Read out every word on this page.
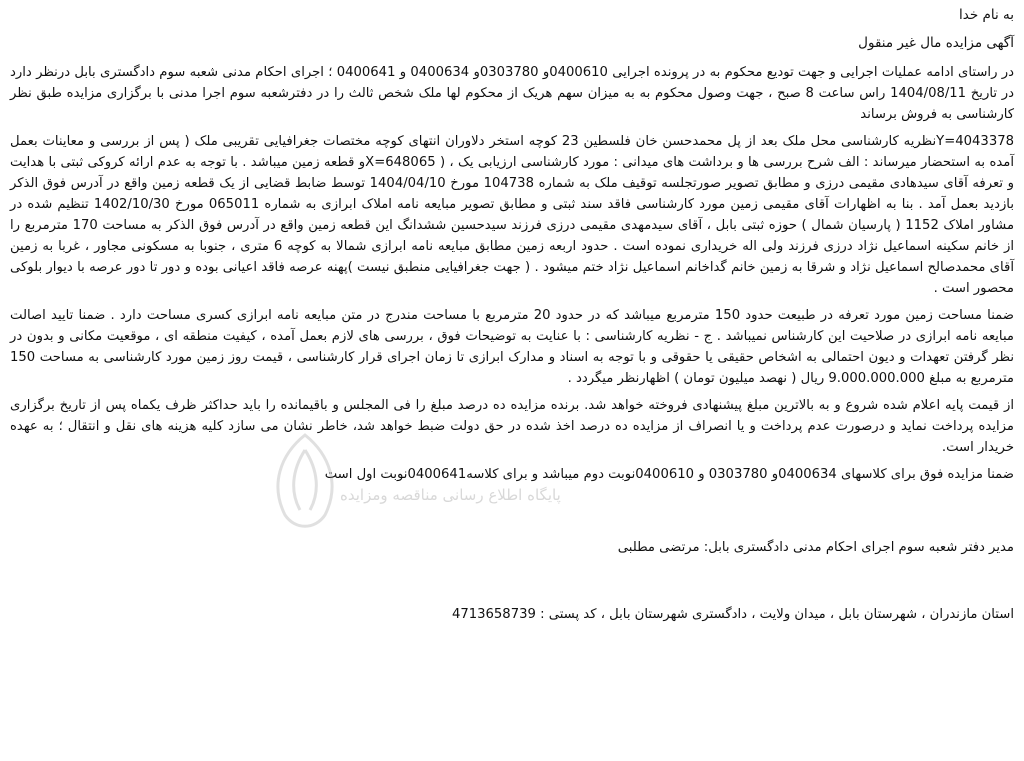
به نام خدا

آگهی مزایده مال غیر منقول

در راستای ادامه عملیات اجرایی و جهت تودیع محکوم به در پرونده اجرایی 0400610و 0303780و 0400634 و 0400641 ؛ اجرای احکام مدنی شعبه سوم دادگستری بابل درنظر دارد در تاریخ 1404/08/11 راس ساعت 8 صبح ، جهت وصول محکوم به به میزان سهم هریک از محکوم لها ملک شخص ثالث را در دفترشعبه سوم اجرا مدنی با برگزاری مزایده طبق نظر کارشناسی به فروش برساند

Y=4043378نظریه کارشناسی محل ملک بعد از پل محمدحسن خان فلسطین 23 کوچه استخر دلاوران انتهای کوچه مختصات جغرافیایی تقریبی ملک ( پس از بررسی و معاینات بعمل آمده به استحضار میرساند : الف شرح بررسی ها و برداشت های میدانی : مورد کارشناسی ارزیابی یک ، ( X=648065و قطعه زمین میباشد . با توجه به عدم ارائه کروکی ثبتی با هدایت و تعرفه آقای سیدهادی مقیمی درزی و مطابق تصویر صورتجلسه توقیف ملک به شماره 104738 مورخ 1404/04/10 توسط ضابط قضایی از یک قطعه زمین واقع در آدرس فوق الذکر بازدید بعمل آمد . بنا به اظهارات آقای مقیمی زمین مورد کارشناسی فاقد سند ثبتی و مطابق تصویر مبایعه نامه املاک ابرازی به شماره 065011 مورخ 1402/10/30 تنظیم شده در مشاور املاک 1152 ( پارسیان شمال ) حوزه ثبتی بابل ، آقای سیدمهدی مقیمی درزی فرزند سیدحسین ششدانگ این قطعه زمین واقع در آدرس فوق الذکر به مساحت 170 مترمربع را از خانم سکینه اسماعیل نژاد درزی فرزند ولی اله خریداری نموده است . حدود اربعه زمین مطابق مبایعه نامه ابرازی شمالا به کوچه 6 متری ، جنوبا به مسکونی مجاور ، غربا به زمین آقای محمدصالح اسماعیل نژاد و شرقا به زمین خانم گداخانم اسماعیل نژاد ختم میشود . ( جهت جغرافیایی منطبق نیست )پهنه عرصه فاقد اعیانی بوده و دور تا دور عرصه با دیوار بلوکی محصور است .

ضمنا مساحت زمین مورد تعرفه در طبیعت حدود 150 مترمربع میباشد که در حدود 20 مترمربع با مساحت مندرج در متن مبایعه نامه ابرازی کسری مساحت دارد . ضمنا تایید اصالت مبایعه نامه ابرازی در صلاحیت این کارشناس نمیباشد . ج - نظریه کارشناسی : با عنایت به توضیحات فوق ، بررسی های لازم بعمل آمده ، کیفیت منطقه ای ، موقعیت مکانی و بدون در نظر گرفتن تعهدات و دیون احتمالی به اشخاص حقیقی یا حقوقی و با توجه به اسناد و مدارک ابرازی تا زمان اجرای قرار کارشناسی ، قیمت روز زمین مورد کارشناسی به مساحت 150 مترمربع به مبلغ 9.000.000.000 ریال ( نهصد میلیون تومان ) اظهارنظر میگردد .

از قیمت پایه اعلام شده شروع و به بالاترین مبلغ پیشنهادی فروخته خواهد شد. برنده مزایده ده درصد مبلغ را فی المجلس و باقیمانده را باید حداکثر ظرف یکماه پس از تاریخ برگزاری مزایده پرداخت نماید و درصورت عدم پرداخت و یا انصراف از مزایده ده درصد اخذ شده در حق دولت ضبط خواهد شد، خاطر نشان می سازد کلیه هزینه های نقل و انتقال ؛ به عهده خریدار است.

ضمنا مزایده فوق برای کلاسهای 0400634و 0303780 و 0400610نوبت دوم میباشد و برای کلاسه0400641نوبت اول است

مدیر دفتر شعبه سوم اجرای احکام مدنی دادگستری بابل: مرتضی مطلبی

استان مازندران ، شهرستان بابل ، میدان ولایت ، دادگستری شهرستان بابل ، کد پستی : 4713658739

پایگاه اطلاع رسانی مناقصه ومزایده
